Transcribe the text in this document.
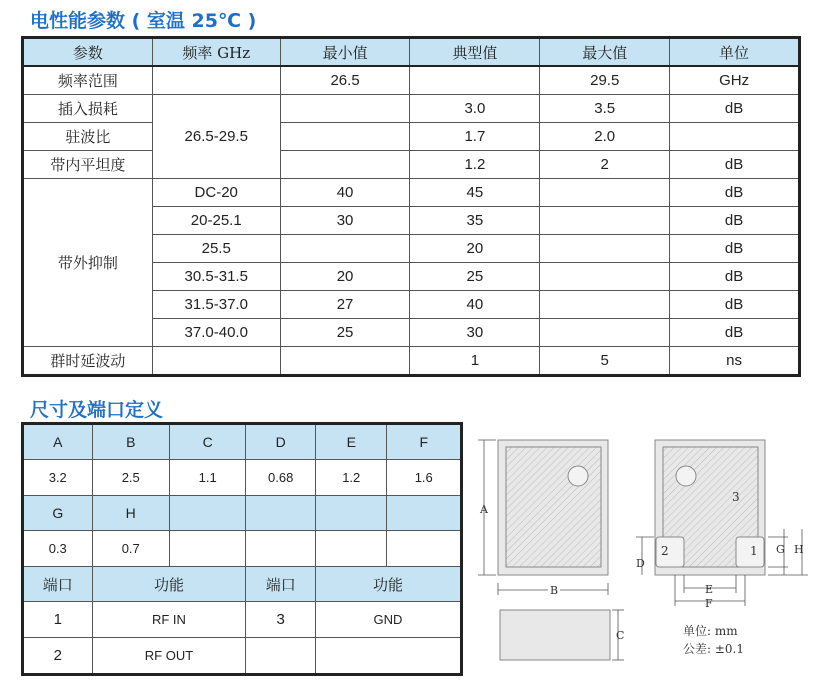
电性能参数 ( 室温 25℃ )
参数	频率 GHz	最小值	典型值	最大值	单位
频率范围		26.5		29.5	GHz
插入损耗	26.5-29.5		3.0	3.5	dB
驻波比			1.7	2.0	
带内平坦度			1.2	2	dB
带外抑制	DC-20	40	45		dB
	20-25.1	30	35		dB
	25.5		20		dB
	30.5-31.5	20	25		dB
	31.5-37.0	27	40		dB
	37.0-40.0	25	30		dB
群时延波动			1	5	ns
尺寸及端口定义
A	B	C	D	E	F
3.2	2.5	1.1	0.68	1.2	1.6
G	H				
0.3	0.7				
端口	功能		端口	功能	
1	RF IN		3	GND	
2	RF OUT				
A
B
C
3
2	1
D
E
F
G H
单位: mm
公差: ±0.1
